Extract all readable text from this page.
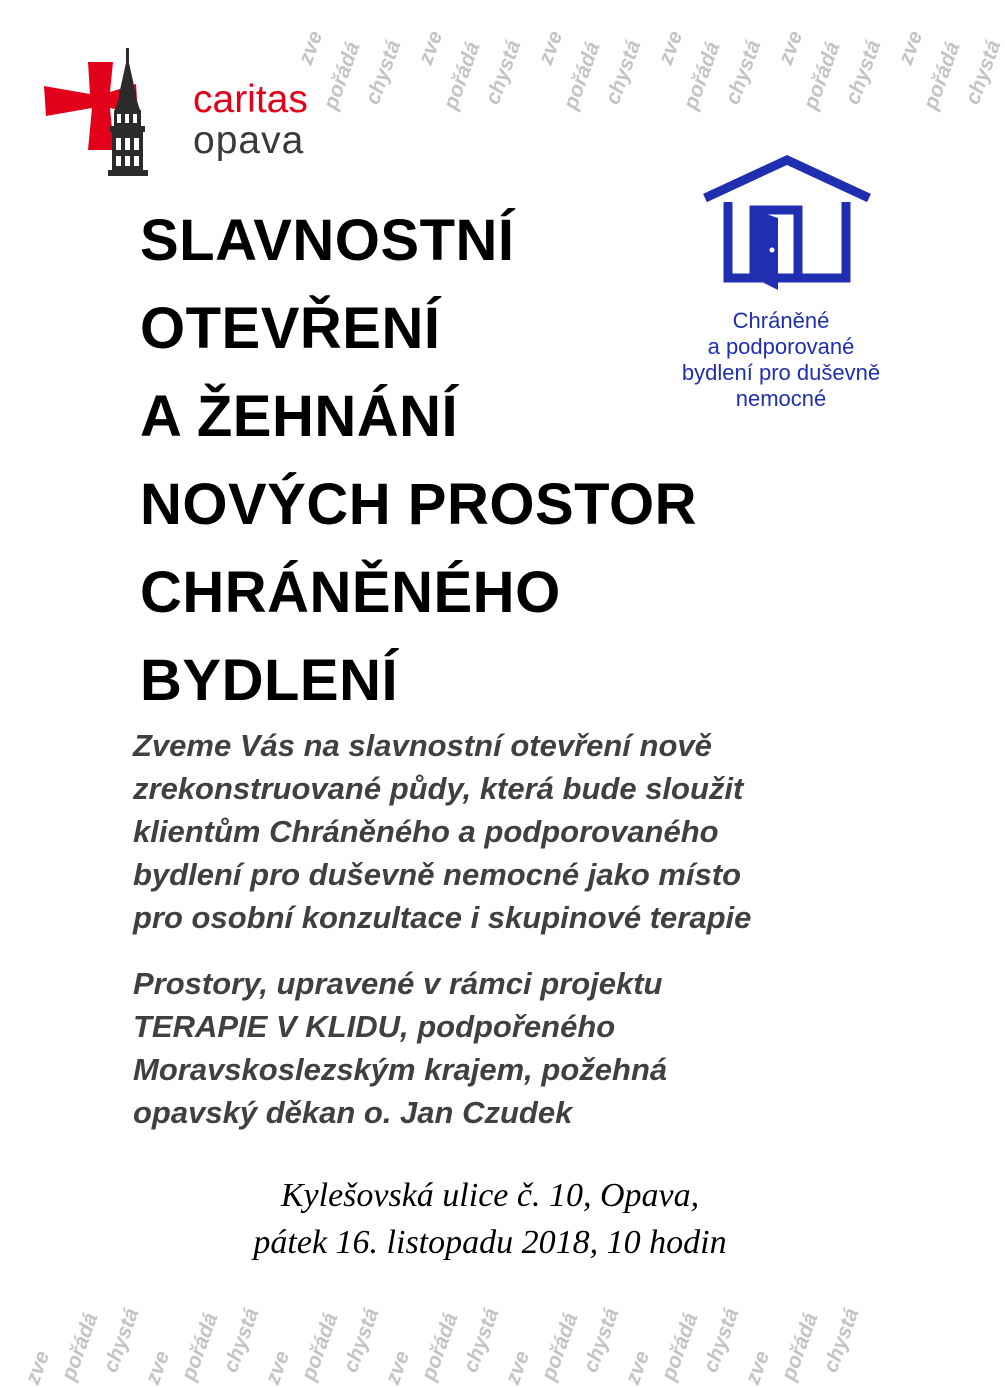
zve
pořádá
chystá zve
pořádá
chystá zve
pořádá
chystá zve
pořádá
chystá zve
pořádá
chystá zve
pořádá
chystá
zve pořádá
chystá
zve pořádá
chystá
zve pořádá
chystá
zve pořádá
chystá
zve pořádá
chystá
zve pořádá
chystá
zve pořádá
chystá
caritas
opava
Chráněné
a podporované
bydlení pro duševně
nemocné
SLAVNOSTNÍ
OTEVŘENÍ
A ŽEHNÁNÍ
NOVÝCH PROSTOR
CHRÁNĚNÉHO
BYDLENÍ

Zveme Vás na slavnostní otevření nově
zrekonstruované půdy, která bude sloužit
klientům Chráněného a podporovaného
bydlení pro duševně nemocné jako místo
pro osobní konzultace i skupinové terapie

Prostory, upravené v rámci projektu
TERAPIE V KLIDU, podpořeného
Moravskoslezským krajem, požehná
opavský děkan o. Jan Czudek

Kylešovská ulice č. 10, Opava,
pátek 16. listopadu 2018, 10 hodin
